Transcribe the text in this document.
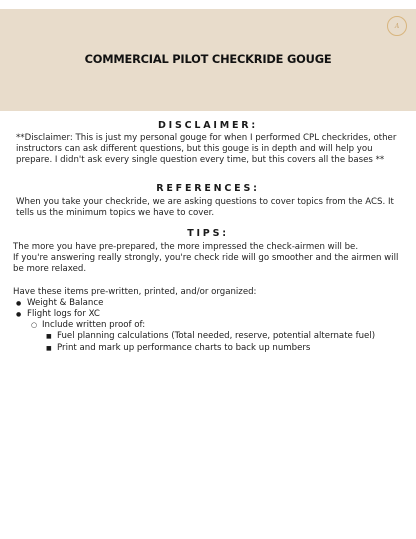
A
COMMERCIAL PILOT CHECKRIDE GOUGE
DISCLAIMER:

**Disclaimer: This is just my personal gouge for when I performed CPL checkrides, other instructors can ask different questions, but this gouge is in depth and will help you prepare. I didn't ask every single question every time, but this covers all the bases **

REFERENCES:

When you take your checkride, we are asking questions to cover topics from the ACS. It tells us the minimum topics we have to cover.

TIPS:

The more you have pre-prepared, the more impressed the check-airmen will be.

If you're answering really strongly, you're check ride will go smoother and the airmen will be more relaxed.

Have these items pre-written, printed, and/or organized:

● Weight & Balance
● Flight logs for XC
○ Include written proof of:
■ Fuel planning calculations (Total needed, reserve, potential alternate fuel)
■ Print and mark up performance charts to back up numbers
